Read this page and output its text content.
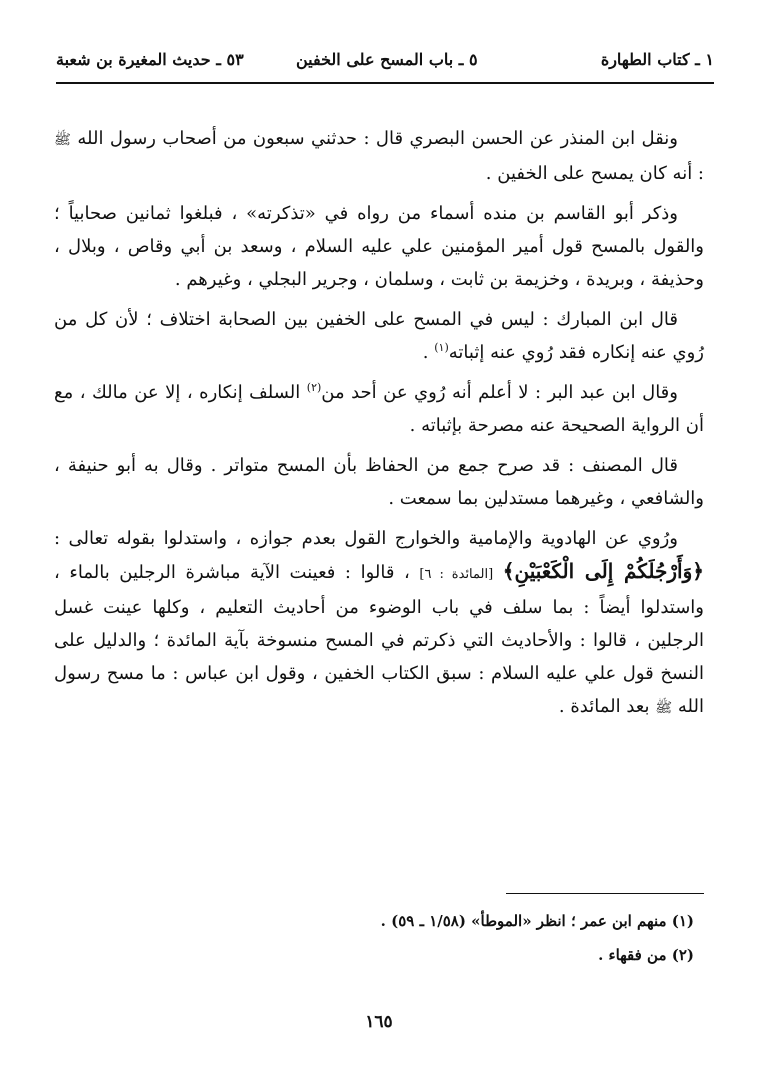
١ ـ كتاب الطهارة
٥ ـ باب المسح على الخفين
٥٣ ـ حديث المغيرة بن شعبة

ونقل ابن المنذر عن الحسن البصري قال : حدثني سبعون من أصحاب رسول الله ﷺ : أنه كان يمسح على الخفين .

وذكر أبو القاسم بن منده أسماء من رواه في «تذكرته» ، فبلغوا ثمانين صحابياً ؛ والقول بالمسح قول أمير المؤمنين علي عليه السلام ، وسعد بن أبي وقاص ، وبلال ، وحذيفة ، وبريدة ، وخزيمة بن ثابت ، وسلمان ، وجرير البجلي ، وغيرهم .

قال ابن المبارك : ليس في المسح على الخفين بين الصحابة اختلاف ؛ لأن كل من رُوي عنه إنكاره فقد رُوي عنه إثباته$^{(١)}$ .

وقال ابن عبد البر : لا أعلم أنه رُوي عن أحد من$^{(٢)}$ السلف إنكاره ، إلا عن مالك ، مع أن الرواية الصحيحة عنه مصرحة بإثباته .

قال المصنف : قد صرح جمع من الحفاظ بأن المسح متواتر . وقال به أبو حنيفة ، والشافعي ، وغيرهما مستدلين بما سمعت .

ورُوي عن الهادوية والإمامية والخوارج القول بعدم جوازه ، واستدلوا بقوله تعالى : ﴿وَأَرْجُلَكُمْ إِلَى الْكَعْبَيْنِ﴾ [المائدة : ٦] ، قالوا : فعينت الآية مباشرة الرجلين بالماء ، واستدلوا أيضاً : بما سلف في باب الوضوء من أحاديث التعليم ، وكلها عينت غسل الرجلين ، قالوا : والأحاديث التي ذكرتم في المسح منسوخة بآية المائدة ؛ والدليل على النسخ قول علي عليه السلام : سبق الكتاب الخفين ، وقول ابن عباس : ما مسح رسول الله ﷺ بعد المائدة .

(١) منهم ابن عمر ؛ انظر «الموطأ» (١/٥٨ ـ ٥٩) .

(٢) من فقهاء .

١٦٥
